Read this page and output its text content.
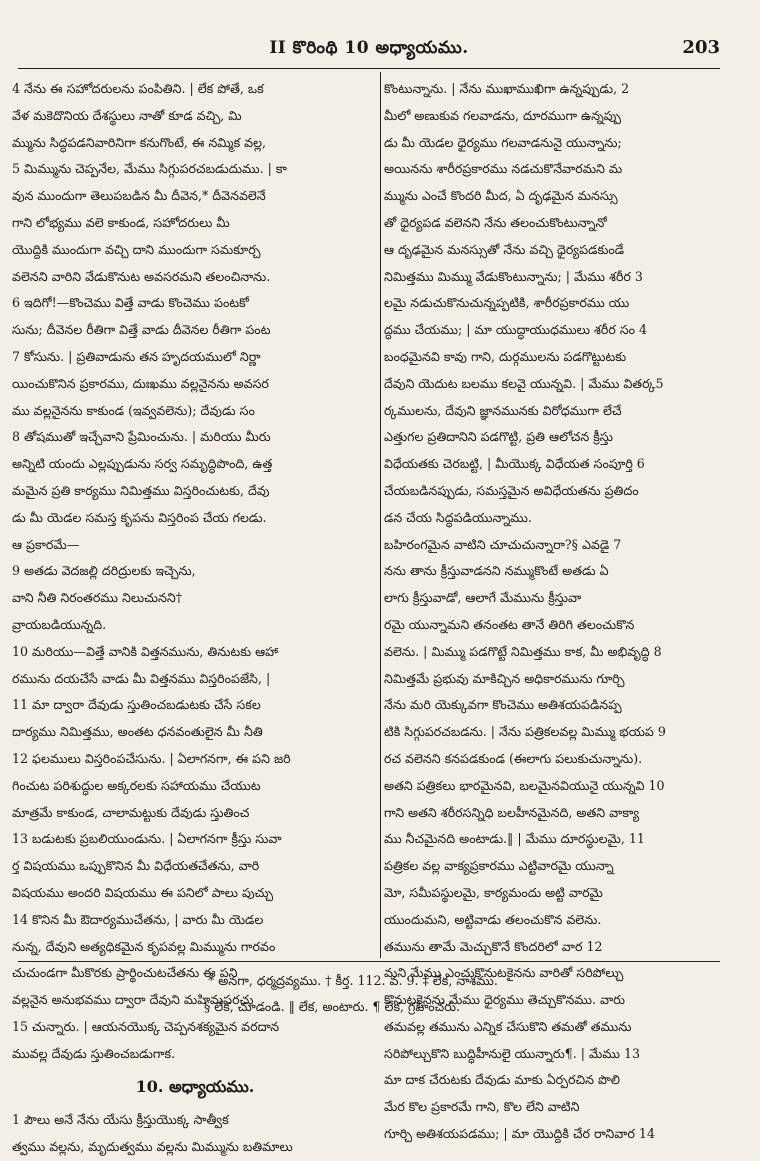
II కొరింథి 10 అధ్యాయము.	203
4 నేను ఈ సహోదరులను పంపితిని. | లేక పోతే, ఒక
వేళ మకెదొనియ దేశస్థులు నాతో కూడ వచ్చి, మి
మ్మును సిద్ధపడనివారినిగా కనుగొంటే, ఈ నమ్మిక వల్ల,
5 మిమ్మును చెప్పనేల, మేము సిగ్గుపరచబడుదుము. | కా
వున ముందుగా తెలుపబడిన మీ దీవెన,* దీవెనవలెనే
గాని లోభ్యము వలె కాకుండ, సహోదరులు మీ
యొద్దికి ముందుగా వచ్చి దాని ముందుగా సమకూర్చ
వలెనని వారిని వేడుకొనుట అవసరమని తలంచినాను.
6 ఇదిగో!—కొంచెము విత్తే వాడు కొంచెము పంటకో
సును; దీవెనల రీతిగా విత్తే వాడు దీవెనల రీతిగా పంట
7 కోసును. | ప్రతివాడును తన హృదయములో నిర్ణా
యించుకొనిన ప్రకారము, దుఃఖము వల్లనైనను అవసర
ము వల్లనైనను కాకుండ (ఇవ్వవలెను); దేవుడు సం
8 తోషముతో ఇచ్చేవాని ప్రేమించును. | మరియు మీరు
అన్నిటి యందు ఎల్లప్పుడును సర్వ సమృద్ధిపొంది, ఉత్త
మమైన ప్రతి కార్యము నిమిత్తము విస్తరించుటకు, దేవు
డు మీ యెడల సమస్త కృపను విస్తరింప చేయ గలడు.
ఆ ప్రకారమే—
9 అతడు వెదజల్లి దరిద్రులకు ఇచ్చెను,
వాని నీతి నిరంతరము నిలుచునని†
వ్రాయబడియున్నది.
10 మరియు—విత్తే వానికి విత్తనమును, తినుటకు ఆహా
రమును దయచేసే వాడు మీ విత్తనము విస్తరింపజేసి, |
11 మా ద్వారా దేవుడు స్తుతించబడుటకు చేసే సకల
దార్యము నిమిత్తము, అంతట ధనవంతులైన మీ నీతి
12 ఫలములు విస్తరింపచేసును. | ఏలాగనగా, ఈ పని జరి
గించుట పరిశుద్ధుల అక్కరలకు సహాయము చేయుట
మాత్రమే కాకుండ, చాలామట్టుకు దేవుడు స్తుతించ
13 బడుటకు ప్రబలియుండును. | ఏలాగనగా క్రీస్తు సువా
ర్త విషయము ఒప్పుకొనిన మీ విధేయతచేతను, వారి
విషయము అందరి విషయము ఈ పనిలో పాలు పుచ్చు
14 కొనిన మీ ఔదార్యముచేతను, | వారు మీ యెడల
నున్న, దేవుని అత్యధికమైన కృపవల్ల మిమ్మును గారవం
చుచుండగా మీకొరకు ప్రార్థించుటచేతను ఈ పని
వల్లనైన అనుభవము ద్వారా దేవుని మహిమపరచు
15 చున్నారు. | ఆయనయొక్క చెప్పనశక్యమైన వరదాన
మువల్ల దేవుడు స్తుతించబడుగాక.
10. అధ్యాయము.
1 పౌలు అనే నేను యేసు క్రీస్తుయొక్క సాత్వీక
త్వము వల్లను, మృదుత్వము వల్లను మిమ్మును బతిమాలు
కొంటున్నాను. | నేను ముఖాముఖిగా ఉన్నప్పుడు, 2
మీలో అణుకువ గలవాడను, దూరముగా ఉన్నప్పు
డు మీ యెడల ధైర్యము గలవాడనునై యున్నాను;
అయినను శారీరప్రకారము నడచుకొనేవారమని మ
మ్మును ఎంచే కొందరి మీద, ఏ దృఢమైన మనస్సు
తో ధైర్యపడ వలెనని నేను తలంచుకొంటున్నానో
ఆ దృఢమైన మనస్సుతో నేను వచ్చి ధైర్యపడకుండే
నిమిత్తము మిమ్ము వేడుకొంటున్నాను; | మేము శరీర 3
లమై నడుచుకొనుచున్నప్పటికి, శారీరప్రకారము యు
ద్ధము చేయము; | మా యుద్ధాయుధములు శరీర సం 4
బంధమైనవి కావు గాని, దుర్గములను పడగొట్టుటకు
దేవుని యెదుట బలము కలవై యున్నవి. | మేము వితర్క5
ర్కములను, దేవుని జ్ఞానమునకు విరోధముగా లేచే
ఎత్తుగల ప్రతిదానిని పడగొట్టి, ప్రతి ఆలోచన క్రీస్తు
విధేయతకు చెరబట్టి, | మీయొక్క విధేయత సంపూర్తి 6
చేయబడినప్పుడు, సమస్తమైన అవిధేయతను ప్రతిదం
డన చేయ సిద్ధపడియున్నాము.
బహిరంగమైన వాటిని చూచుచున్నారా?§ ఎవడై 7
నను తాను క్రీస్తువాడనని నమ్ముకొంటే అతడు ఏ
లాగు క్రీస్తువాడో, ఆలాగే మేమును క్రీస్తువా
రమై యున్నామని తనంతట తానే తిరిగి తలంచుకొన
వలెను. | మిమ్ము పడగొట్టే నిమిత్తము కాక, మీ అభివృద్ధి 8
నిమిత్తమే ప్రభువు మాకిచ్చిన అధికారమును గూర్చి
నేను మరి యెక్కువగా కొంచెము అతిశయపడినప్ప
టికి సిగ్గుపరచబడను. | నేను పత్రికలవల్ల మిమ్ము భయప 9
రచ వలెనని కనపడకుండ (ఈలాగు పలుకుచున్నాను).
అతని పత్రికలు భారమైనవి, బలమైనవియునై యున్నవి 10
గాని అతని శరీరసన్నిధి బలహీనమైనది, అతని వాక్యా
ము నీచమైనది అంటాడు.‖ | మేము దూరస్థులమై, 11
పత్రికల వల్ల వాక్యప్రకారము ఎట్టివారమై యున్నా
మో, సమీపస్థులమై, కార్యమందు అట్టి వారమై
యుందుమని, అట్టివాడు తలంచుకొన వలెను.
తమును తామే మెచ్చుకొనే కొందరిలో వార 12
మని మేము ఎంచుకొనుటకైనను వారితో సరిపోల్చు
కొనుటకైనను మేము ధైర్యము తెచ్చుకొనము. వారు
తమవల్ల తమును ఎన్నిక చేసుకొని తమతో తమును
సరిపోల్చుకొని బుద్ధిహీనులై యున్నారు¶. | మేము 13
మా దాక చేరుటకు దేవుడు మాకు ఏర్పరచిన పొలి
మేర కొల ప్రకారమే గాని, కొల లేని వాటిని
గూర్చి అతిశయపడము; | మా యొద్దికి చేర రానివార 14
* అనగా, ధర్మద్రవ్యము. † కీర్త. 112. వ. 9. ‡ లేక, నాశము.
§ లేక, చూడండి. ‖ లేక, అంటారు. ¶ లేక, గ్రహించరు.
